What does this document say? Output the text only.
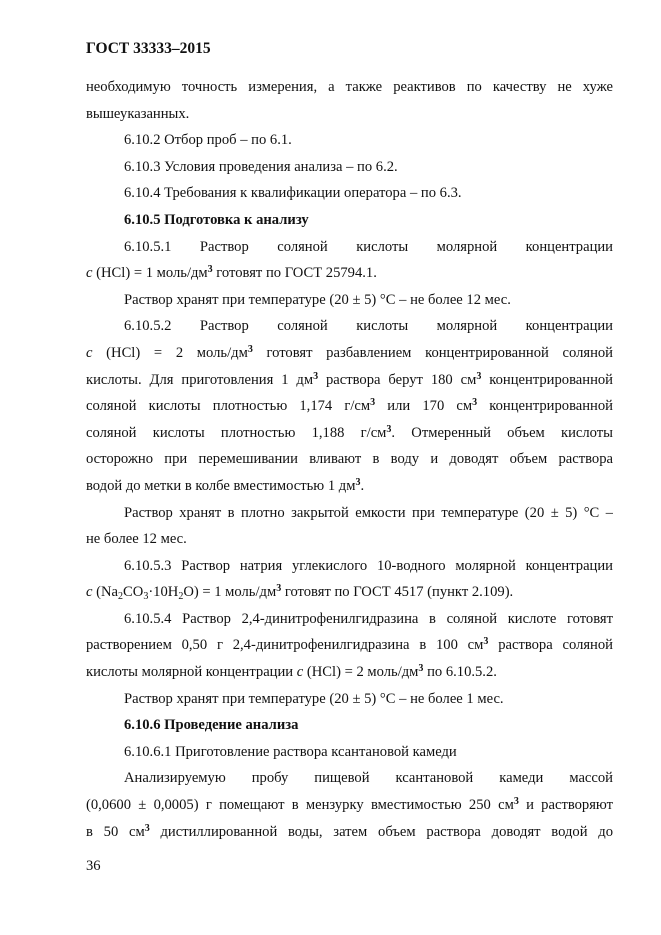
ГОСТ 33333–2015
необходимую точность измерения, а также реактивов по качеству не хуже
вышеуказанных.
6.10.2 Отбор проб – по 6.1.
6.10.3 Условия проведения анализа – по 6.2.
6.10.4 Требования к квалификации оператора – по 6.3.
6.10.5 Подготовка к анализу
6.10.5.1 Раствор соляной кислоты молярной концентрации
c (HCl) = 1 моль/$дм^3$ готовят по ГОСТ 25794.1.
Раствор хранят при температуре (20 ± 5) °С – не более 12 мес.
6.10.5.2 Раствор соляной кислоты молярной концентрации
c (HCl) = 2 моль/$дм^3$ готовят разбавлением концентрированной соляной
кислоты. Для приготовления 1 $дм^3$ раствора берут 180 $см^3$ концентрированной
соляной кислоты плотностью 1,174 $г/см^3$ или 170 $см^3$ концентрированной
соляной кислоты плотностью 1,188 $г/см^3$. Отмеренный объем кислоты
осторожно при перемешивании вливают в воду и доводят объем раствора
водой до метки в колбе вместимостью 1 $дм^3$.
Раствор хранят в плотно закрытой емкости при температуре (20 ± 5) °С –
не более 12 мес.
6.10.5.3 Раствор натрия углекислого 10-водного молярной концентрации
c $(Na_2CO_3\cdot 10H_2O) = 1$ моль/$дм^3$ готовят по ГОСТ 4517 (пункт 2.109).
6.10.5.4 Раствор 2,4-динитрофенилгидразина в соляной кислоте готовят
растворением 0,50 г 2,4-динитрофенилгидразина в 100 $см^3$ раствора соляной
кислоты молярной концентрации c (HCl) = 2 моль/$дм^3$ по 6.10.5.2.
Раствор хранят при температуре (20 ± 5) °С – не более 1 мес.
6.10.6 Проведение анализа
6.10.6.1 Приготовление раствора ксантановой камеди
Анализируемую пробу пищевой ксантановой камеди массой
(0,0600 ± 0,0005) г помещают в мензурку вместимостью 250 $см^3$ и растворяют
в 50 $см^3$ дистиллированной воды, затем объем раствора доводят водой до
36
